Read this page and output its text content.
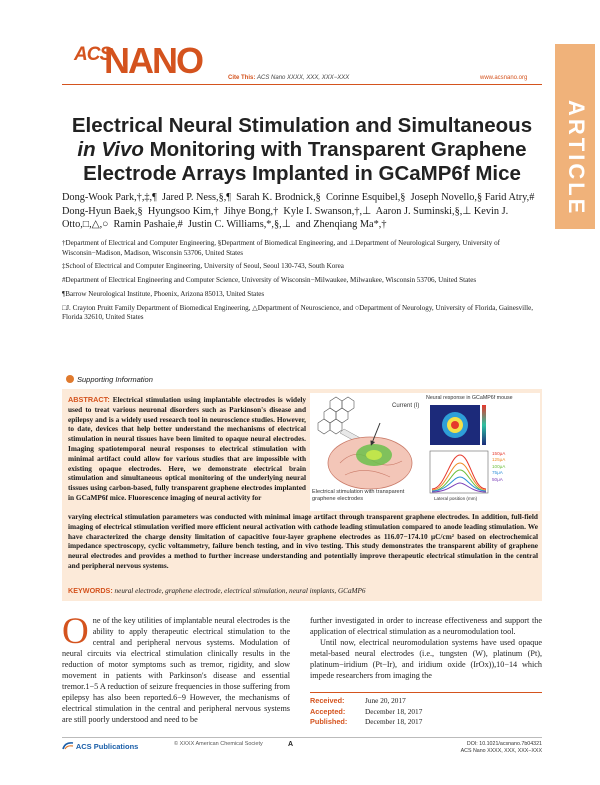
ACS
NANO	Cite This: ACS Nano XXXX, XXX, XXX−XXX	www.acsnano.org
ARTICLE
Electrical Neural Stimulation and Simultaneous in Vivo Monitoring with Transparent Graphene Electrode Arrays Implanted in GCaMP6f Mice
Dong-Wook Park,†,‡,¶ Jared P. Ness,§,¶ Sarah K. Brodnick,§ Corinne Esquibel,§ Joseph Novello,§ Farid Atry,#  Dong-Hyun Baek,§ Hyungsoo Kim,† Jihye Bong,† Kyle I. Swanson,†,⊥ Aaron J. Suminski,§,⊥ Kevin J. Otto,□,△,○ Ramin Pashaie,# Justin C. Williams,*,§,⊥ and Zhenqiang Ma*,†

†Department of Electrical and Computer Engineering, §Department of Biomedical Engineering, and ⊥Department of Neurological Surgery, University of Wisconsin−Madison, Madison, Wisconsin 53706, United States

‡School of Electrical and Computer Engineering, University of Seoul, Seoul 130-743, South Korea

#Department of Electrical Engineering and Computer Science, University of Wisconsin−Milwaukee, Milwaukee, Wisconsin 53706, United States

¶Barrow Neurological Institute, Phoenix, Arizona 85013, United States

□J. Crayton Pruitt Family Department of Biomedical Engineering, △Department of Neuroscience, and ○Department of Neurology, University of Florida, Gainesville, Florida 32610, United States

Supporting Information
ABSTRACT: Electrical stimulation using implantable electrodes is widely used to treat various neuronal disorders such as Parkinson's disease and epilepsy and is a widely used research tool in neuroscience studies. However, to date, devices that help better understand the mechanisms of electrical stimulation in neural tissues have been limited to opaque neural electrodes. Imaging spatiotemporal neural responses to electrical stimulation with minimal artifact could allow for various studies that are impossible with existing opaque electrodes. Here, we demonstrate electrical brain stimulation and simultaneous optical monitoring of the underlying neural tissues using carbon-based, fully transparent graphene electrodes implanted in GCaMP6f mice. Fluorescence imaging of neural activity for
Current (I)
Neural response in GCaMP6f mouse
Electrical stimulation with transparent graphene electrodes
150μA
125μA
100μA
75μA
50μA
Lateral position (mm)
varying electrical stimulation parameters was conducted with minimal image artifact through transparent graphene electrodes. In addition, full-field imaging of electrical stimulation verified more efficient neural activation with cathode leading stimulation compared to anode leading stimulation. We have characterized the charge density limitation of capacitive four-layer graphene electrodes as 116.07−174.10 μC/cm² based on electrochemical impedance spectroscopy, cyclic voltammetry, failure bench testing, and in vivo testing. This study demonstrates the transparent ability of graphene neural electrodes and provides a method to further increase understanding and potentially improve therapeutic electrical stimulation in the central and peripheral nervous systems.
KEYWORDS: neural electrode, graphene electrode, electrical stimulation, neural implants, GCaMP6
One of the key utilities of implantable neural electrodes is the ability to apply therapeutic electrical stimulation to the central and peripheral nervous systems. Modulation of neural circuits via electrical stimulation clinically results in the reduction of motor symptoms such as tremor, rigidity, and slow movement in patients with Parkinson's disease and essential tremor.1−5 A reduction of seizure frequencies in those suffering from epilepsy has also been reported.6−9 However, the mechanisms of electrical stimulation in the central and peripheral nervous systems are still poorly understood and need to be

further investigated in order to increase effectiveness and support the application of electrical stimulation as a neuromodulation tool.

Until now, electrical neuromodulation systems have used opaque metal-based neural electrodes (i.e., tungsten (W), platinum (Pt), platinum−iridium (Pt−Ir), and iridium oxide (IrOx)),10−14 which impede researchers from imaging the

Received:	June 20, 2017
Accepted:	December 18, 2017
Published: December 18, 2017
ACS Publications	© XXXX American Chemical Society	A	DOI: 10.1021/acsnano.7b04321
ACS Nano XXXX, XXX, XXX−XXX
